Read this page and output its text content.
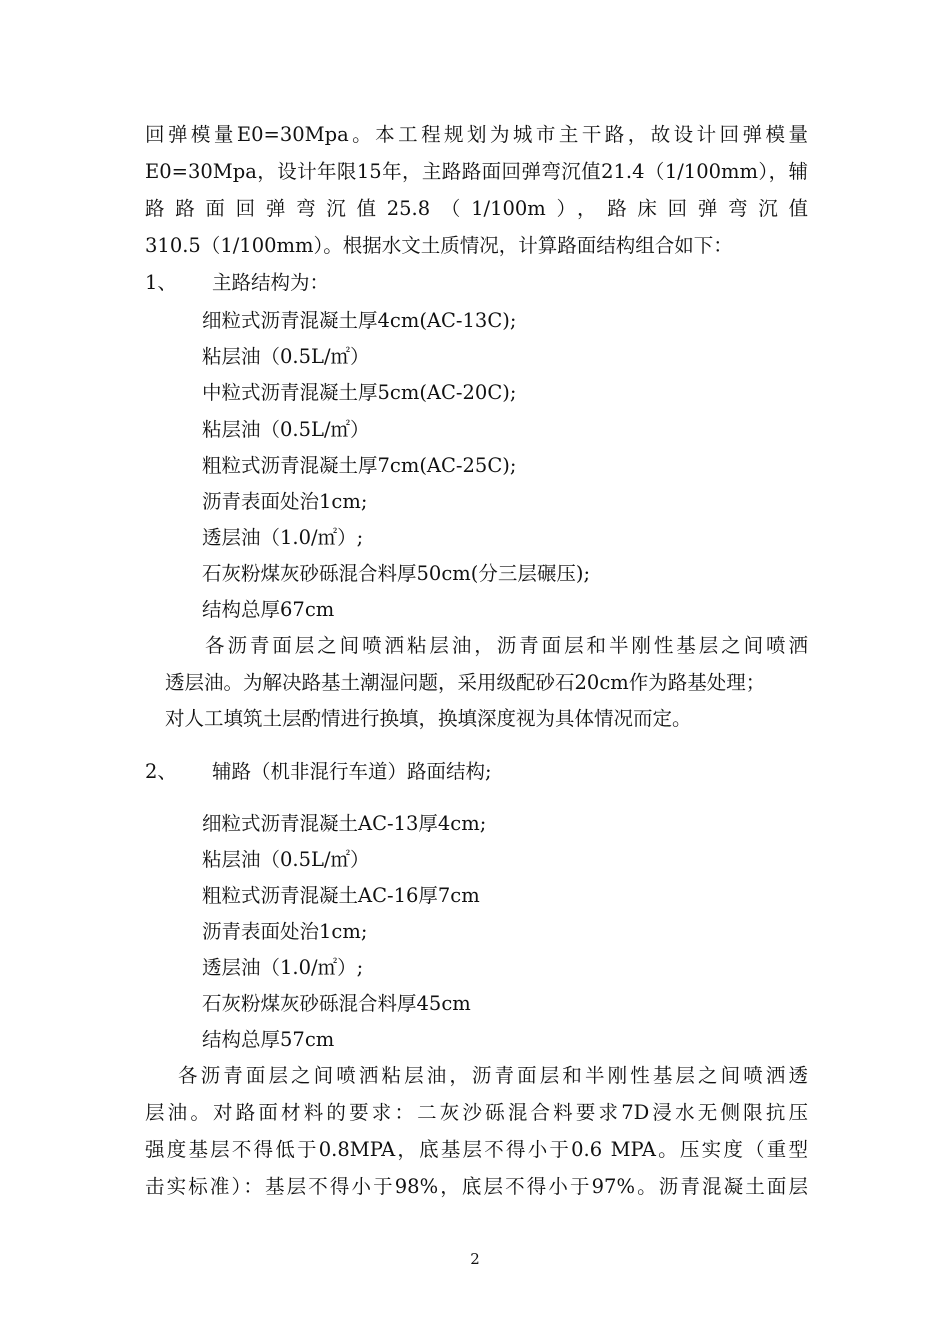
回弹模量E0=30Mpa。本工程规划为城市主干路，故设计回弹模量
E0=30Mpa，设计年限15年，主路路面回弹弯沉值21.4（1/100mm），辅
路路面回弹弯沉值25.8（1/100m），路床回弹弯沉值
310.5（1/100mm）。根据水文土质情况，计算路面结构组合如下：
1、 主路结构为：
细粒式沥青混凝土厚4cm(AC-13C);
粘层油（0.5L/㎡）
中粒式沥青混凝土厚5cm(AC-20C);
粘层油（0.5L/㎡）
粗粒式沥青混凝土厚7cm(AC-25C);
沥青表面处治1cm;
透层油（1.0/㎡）;
石灰粉煤灰砂砾混合料厚50cm(分三层碾压);
结构总厚67cm
各沥青面层之间喷洒粘层油，沥青面层和半刚性基层之间喷洒
透层油。为解决路基土潮湿问题，采用级配砂石20cm作为路基处理；
对人工填筑土层酌情进行换填，换填深度视为具体情况而定。
2、 辅路（机非混行车道）路面结构;
细粒式沥青混凝土AC-13厚4cm;
粘层油（0.5L/㎡）
粗粒式沥青混凝土AC-16厚7cm
沥青表面处治1cm;
透层油（1.0/㎡）;
石灰粉煤灰砂砾混合料厚45cm
结构总厚57cm
各沥青面层之间喷洒粘层油，沥青面层和半刚性基层之间喷洒透
层油。对路面材料的要求：二灰沙砾混合料要求7D浸水无侧限抗压
强度基层不得低于0.8MPA，底基层不得小于0.6 MPA。压实度（重型
击实标准）：基层不得小于98%，底层不得小于97%。沥青混凝土面层
2
